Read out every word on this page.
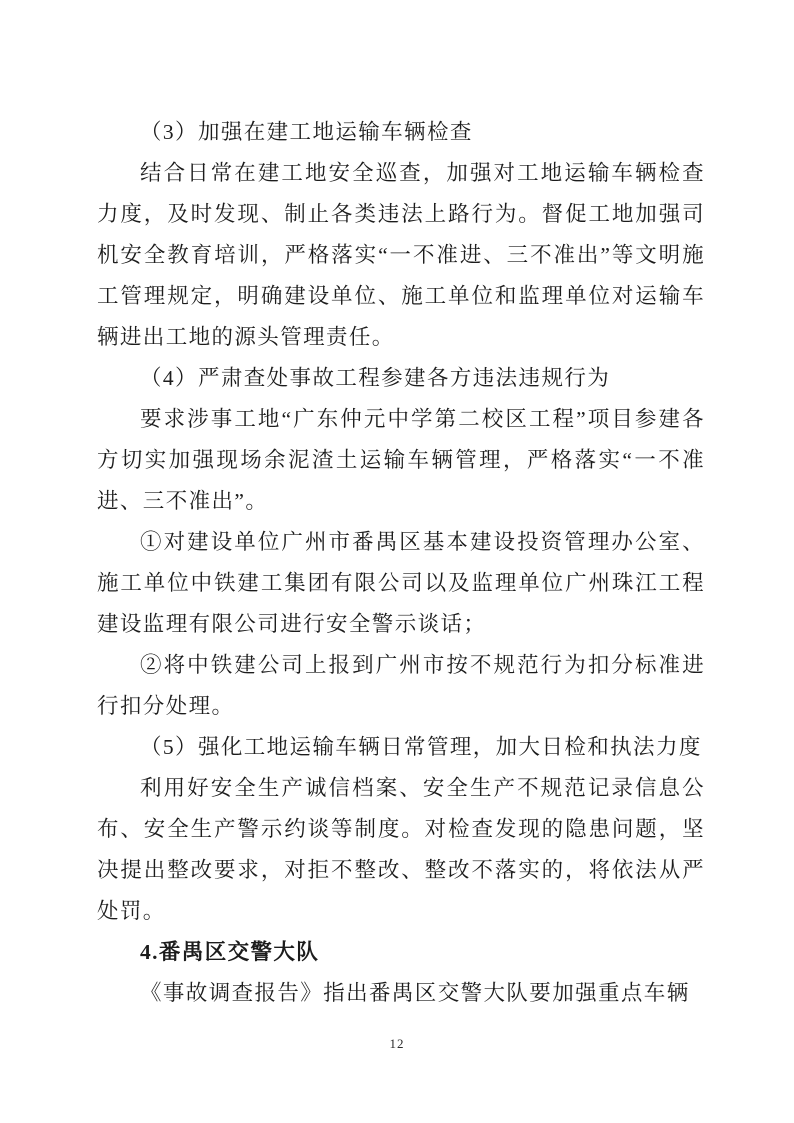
（3）加强在建工地运输车辆检查

结合日常在建工地安全巡查，加强对工地运输车辆检查力度，及时发现、制止各类违法上路行为。督促工地加强司机安全教育培训，严格落实“一不准进、三不准出”等文明施工管理规定，明确建设单位、施工单位和监理单位对运输车辆进出工地的源头管理责任。

（4）严肃查处事故工程参建各方违法违规行为

要求涉事工地“广东仲元中学第二校区工程”项目参建各方切实加强现场余泥渣土运输车辆管理，严格落实“一不准进、三不准出”。

①对建设单位广州市番禺区基本建设投资管理办公室、施工单位中铁建工集团有限公司以及监理单位广州珠江工程建设监理有限公司进行安全警示谈话；

②将中铁建公司上报到广州市按不规范行为扣分标准进行扣分处理。

（5）强化工地运输车辆日常管理，加大日检和执法力度

利用好安全生产诚信档案、安全生产不规范记录信息公布、安全生产警示约谈等制度。对检查发现的隐患问题，坚决提出整改要求，对拒不整改、整改不落实的，将依法从严处罚。

4.番禺区交警大队

《事故调查报告》指出番禺区交警大队要加强重点车辆

12
